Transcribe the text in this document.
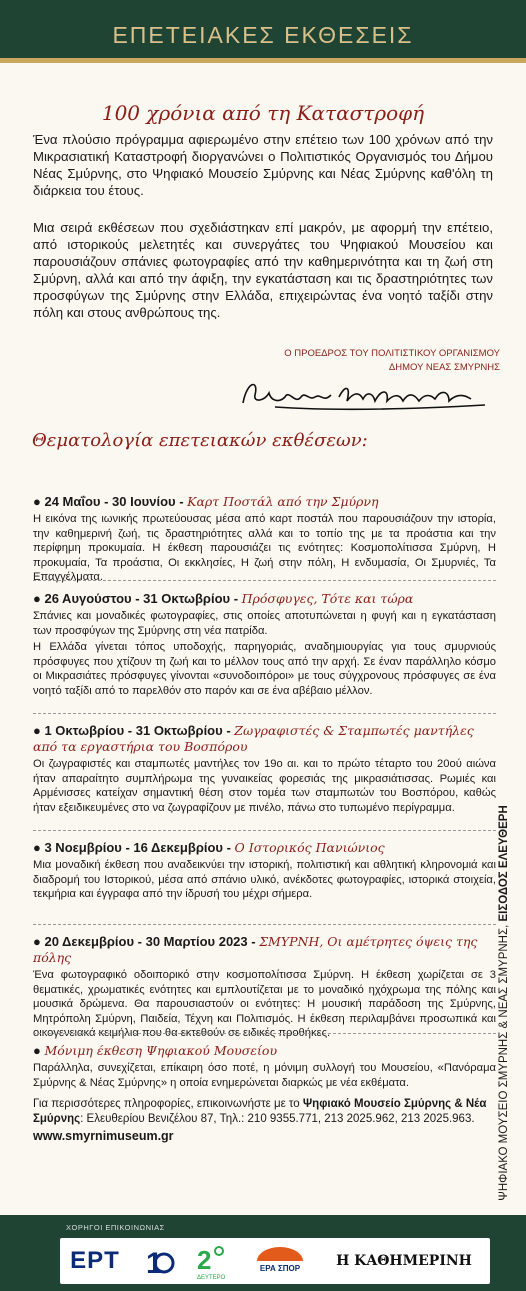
ΕΠΕΤΕΙΑΚΕΣ ΕΚΘΕΣΕΙΣ
100 χρόνια από τη Καταστροφή

Ένα πλούσιο πρόγραμμα αφιερωμένο στην επέτειο των 100 χρόνων από την Μικρασιατική Καταστροφή διοργανώνει ο Πολιτιστικός Οργανισμός του Δήμου Νέας Σμύρνης, στο Ψηφιακό Μουσείο Σμύρνης και Νέας Σμύρνης καθ'όλη τη διάρκεια του έτους.

Μια σειρά εκθέσεων που σχεδιάστηκαν επί μακρόν, με αφορμή την επέτειο, από ιστορικούς μελετητές και συνεργάτες του Ψηφιακού Μουσείου και παρουσιάζουν σπάνιες φωτογραφίες από την καθημερινότητα και τη ζωή στη Σμύρνη, αλλά και από την άφιξη, την εγκατάσταση και τις δραστηριότητες των προσφύγων της Σμύρνης στην Ελλάδα, επιχειρώντας ένα νοητό ταξίδι στην πόλη και στους ανθρώπους της.

Ο ΠΡΟΕΔΡΟΣ ΤΟΥ ΠΟΛΙΤΙΣΤΙΚΟΥ ΟΡΓΑΝΙΣΜΟΥ
ΔΗΜΟΥ ΝΕΑΣ ΣΜΥΡΝΗΣ
Θεματολογία επετειακών εκθέσεων:
● 24 Μαΐου - 30 Ιουνίου - Καρτ Ποστάλ από την Σμύρνη
Η εικόνα της ιωνικής πρωτεύουσας μέσα από καρτ ποστάλ που παρουσιάζουν την ιστορία, την καθημερινή ζωή, τις δραστηριότητες αλλά και το τοπίο της με τα προάστια και την περίφημη προκυμαία. Η έκθεση παρουσιάζει τις ενότητες: Κοσμοπολίτισσα Σμύρνη, Η προκυμαία, Τα προάστια, Οι εκκλησίες, Η ζωή στην πόλη, Η ενδυμασία, Οι Σμυρνιές, Τα Επαγγέλματα.
● 26 Αυγούστου - 31 Οκτωβρίου - Πρόσφυγες, Τότε και τώρα
Σπάνιες και μοναδικές φωτογραφίες, στις οποίες αποτυπώνεται η φυγή και η εγκατάσταση των προσφύγων της Σμύρνης στη νέα πατρίδα.
Η Ελλάδα γίνεται τόπος υποδοχής, παρηγοριάς, αναδημιουργίας για τους σμυρνιούς πρόσφυγες που χτίζουν τη ζωή και το μέλλον τους από την αρχή. Σε έναν παράλληλο κόσμο οι Μικρασιάτες πρόσφυγες γίνονται «συνοδοιπόροι» με τους σύγχρονους πρόσφυγες σε ένα νοητό ταξίδι από το παρελθόν στο παρόν και σε ένα αβέβαιο μέλλον.
● 1 Οκτωβρίου - 31 Οκτωβρίου - Ζωγραφιστές & Σταμπωτές μαντήλες από τα εργαστήρια του Βοσπόρου
Οι ζωγραφιστές και σταμπωτές μαντήλες τον 19ο αι. και το πρώτο τέταρτο του 20ού αιώνα ήταν απαραίτητο συμπλήρωμα της γυναικείας φορεσιάς της μικρασιάτισσας. Ρωμιές και Αρμένισσες κατείχαν σημαντική θέση στον τομέα των σταμπωτών του Βοσπόρου, καθώς ήταν εξειδικευμένες στο να ζωγραφίζουν με πινέλο, πάνω στο τυπωμένο περίγραμμα.
● 3 Νοεμβρίου - 16 Δεκεμβρίου - Ο Ιστορικός Πανιώνιος
Μια μοναδική έκθεση που αναδεικνύει την ιστορική, πολιτιστική και αθλητική κληρονομιά και διαδρομή του Ιστορικού, μέσα από σπάνιο υλικό, ανέκδοτες φωτογραφίες, ιστορικά στοιχεία, τεκμήρια και έγγραφα από την ίδρυσή του μέχρι σήμερα.
● 20 Δεκεμβρίου - 30 Μαρτίου 2023 - ΣΜΥΡΝΗ, Οι αμέτρητες όψεις της πόλης
Ένα φωτογραφικό οδοιπορικό στην κοσμοπολίτισσα Σμύρνη. Η έκθεση χωρίζεται σε 3 θεματικές, χρωματικές ενότητες και εμπλουτίζεται με το μοναδικό ηχόχρωμα της πόλης και μουσικά δρώμενα. Θα παρουσιαστούν οι ενότητες: Η μουσική παράδοση της Σμύρνης, Μητρόπολη Σμύρνη, Παιδεία, Τέχνη και Πολιτισμός. Η έκθεση περιλαμβάνει προσωπικά και οικογενειακά κειμήλια που θα εκτεθούν σε ειδικές προθήκες.
● Μόνιμη έκθεση Ψηφιακού Μουσείου
Παράλληλα, συνεχίζεται, επίκαιρη όσο ποτέ, η μόνιμη συλλογή του Μουσείου, «Πανόραμα Σμύρνης & Νέας Σμύρνης» η οποία ενημερώνεται διαρκώς με νέα εκθέματα.
Για περισσότερες πληροφορίες, επικοινωνήστε με το Ψηφιακό Μουσείο Σμύρνης & Νέα Σμύρνης: Ελευθερίου Βενιζέλου 87, Τηλ.: 210 9355.771, 213 2025.962, 213 2025.963.
www.smyrnimuseum.gr	ΨΗΦΙΑΚΟ ΜΟΥΣΕΙΟ ΣΜΥΡΝΗΣ & ΝΕΑΣ ΣΜΥΡΝΗΣ, ΕΙΣΟΔΟΣ ΕΛΕΥΘΕΡΗ
ΧΟΡΗΓΟΙ ΕΠΙΚΟΙΝΩΝΙΑΣ
ΕΡΤ 1 2
ΔΕΥΤΕΡΟ
ΕΡΑ ΣΠΟΡ	Η ΚΑΘΗΜΕΡΙΝΗ
